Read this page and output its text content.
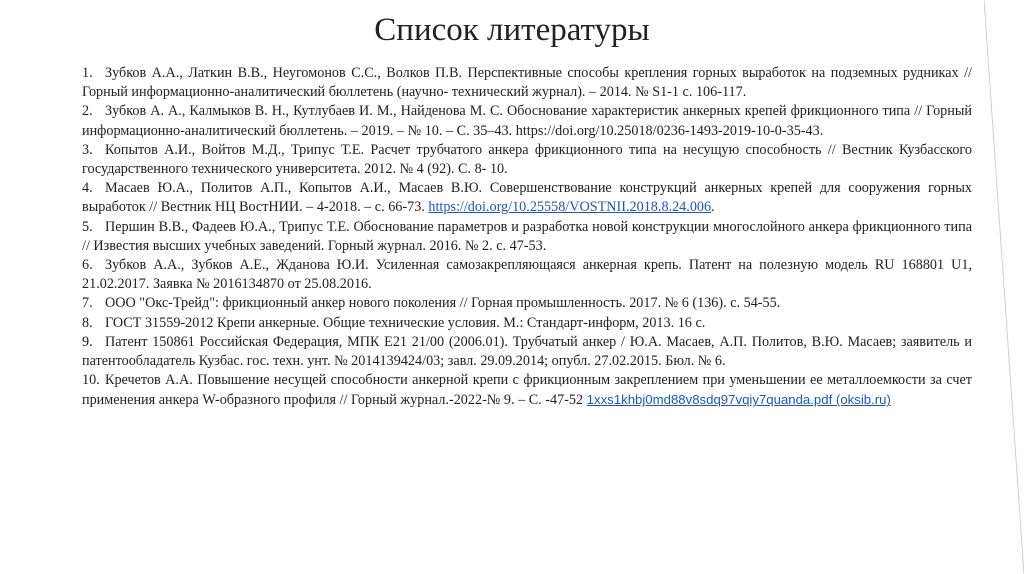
Список литературы

1. Зубков А.А., Латкин В.В., Неугомонов С.С., Волков П.В. Перспективные способы крепления горных выработок на подземных рудниках // Горный информационно-аналитический бюллетень (научно- технический журнал). – 2014. № S1-1 с. 106-117.

2. Зубков А. А., Калмыков В. Н., Кутлубаев И. М., Найденова М. С. Обоснование характеристик анкерных крепей фрикционного типа // Горный информационно-аналитический бюллетень. – 2019. – № 10. – С. 35–43. https://doi.org/10.25018/0236-1493-2019-10-0-35-43.

3. Копытов А.И., Войтов М.Д., Трипус Т.Е. Расчет трубчатого анкера фрикционного типа на несущую способность // Вестник Кузбасского государственного технического университета. 2012. № 4 (92). С. 8- 10.

4. Масаев Ю.А., Политов А.П., Копытов А.И., Масаев В.Ю. Совершенствование конструкций анкерных крепей для сооружения горных выработок // Вестник НЦ ВостНИИ. – 4-2018. – с. 66-73. https://doi.org/10.25558/VOSTNII.2018.8.24.006.

5. Першин В.В., Фадеев Ю.А., Трипус Т.Е. Обоснование параметров и разработка новой конструкции многослойного анкера фрикционного типа // Известия высших учебных заведений. Горный журнал. 2016. № 2. с. 47-53.

6. Зубков А.А., Зубков А.Е., Жданова Ю.И. Усиленная самозакрепляющаяся анкерная крепь. Патент на полезную модель RU 168801 U1, 21.02.2017. Заявка № 2016134870 от 25.08.2016.

7. ООО "Окс-Трейд": фрикционный анкер нового поколения // Горная промышленность. 2017. № 6 (136). с. 54-55.

8. ГОСТ 31559-2012 Крепи анкерные. Общие технические условия. М.: Стандарт-информ, 2013. 16 с.

9. Патент 150861 Российская Федерация, МПК E21 21/00 (2006.01). Трубчатый анкер / Ю.А. Масаев, А.П. Политов, В.Ю. Масаев; заявитель и патентообладатель Кузбас. гос. техн. унт. № 2014139424/03; завл. 29.09.2014; опубл. 27.02.2015. Бюл. № 6.

10. Кречетов А.А. Повышение несущей способности анкерной крепи с фрикционным закреплением при уменьшении ее металлоемкости за счет применения анкера W-образного профиля // Горный журнал.-2022-№ 9. – С. -47-52 1xxs1khbj0md88v8sdq97vqiy7quanda.pdf (oksib.ru)
